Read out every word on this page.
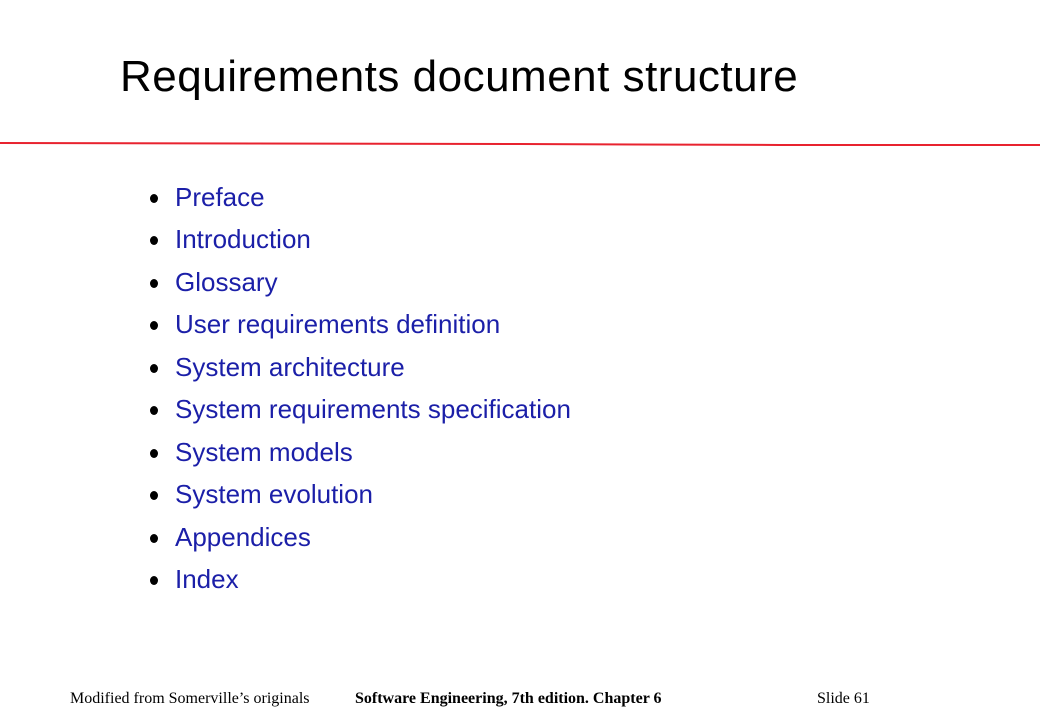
Requirements document structure
Preface
Introduction
Glossary
User requirements definition
System architecture
System requirements specification
System models
System evolution
Appendices
Index
Modified from Somerville’s originals	Software Engineering, 7th edition. Chapter 6	Slide 61
